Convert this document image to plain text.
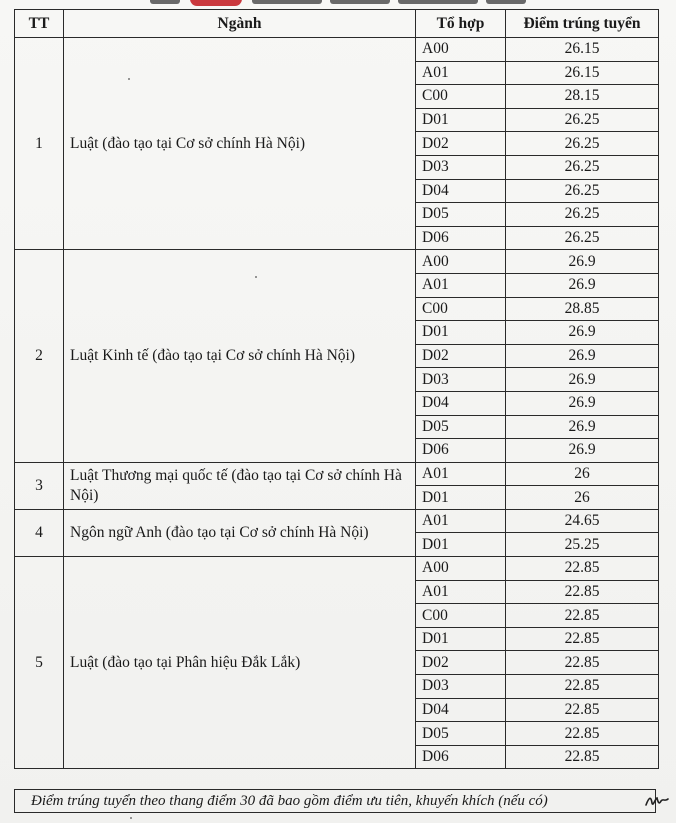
TT	Ngành	Tổ hợp	Điểm trúng tuyển
1	Luật (đào tạo tại Cơ sở chính Hà Nội)	A00	26.15
		A01	26.15
		C00	28.15
		D01	26.25
		D02	26.25
		D03	26.25
		D04	26.25
		D05	26.25
		D06	26.25
2	Luật Kinh tế (đào tạo tại Cơ sở chính Hà Nội)	A00	26.9
		A01	26.9
		C00	28.85
		D01	26.9
		D02	26.9
		D03	26.9
		D04	26.9
		D05	26.9
		D06	26.9
3	Luật Thương mại quốc tế (đào tạo tại Cơ sở chính Hà Nội)	A01	26
		D01	26
4	Ngôn ngữ Anh (đào tạo tại Cơ sở chính Hà Nội)	A01	24.65
		D01	25.25
5	Luật (đào tạo tại Phân hiệu Đắk Lắk)	A00	22.85
		A01	22.85
		C00	22.85
		D01	22.85
		D02	22.85
		D03	22.85
		D04	22.85
		D05	22.85
		D06	22.85
Điểm trúng tuyển theo thang điểm 30 đã bao gồm điểm ưu tiên, khuyến khích (nếu có)
